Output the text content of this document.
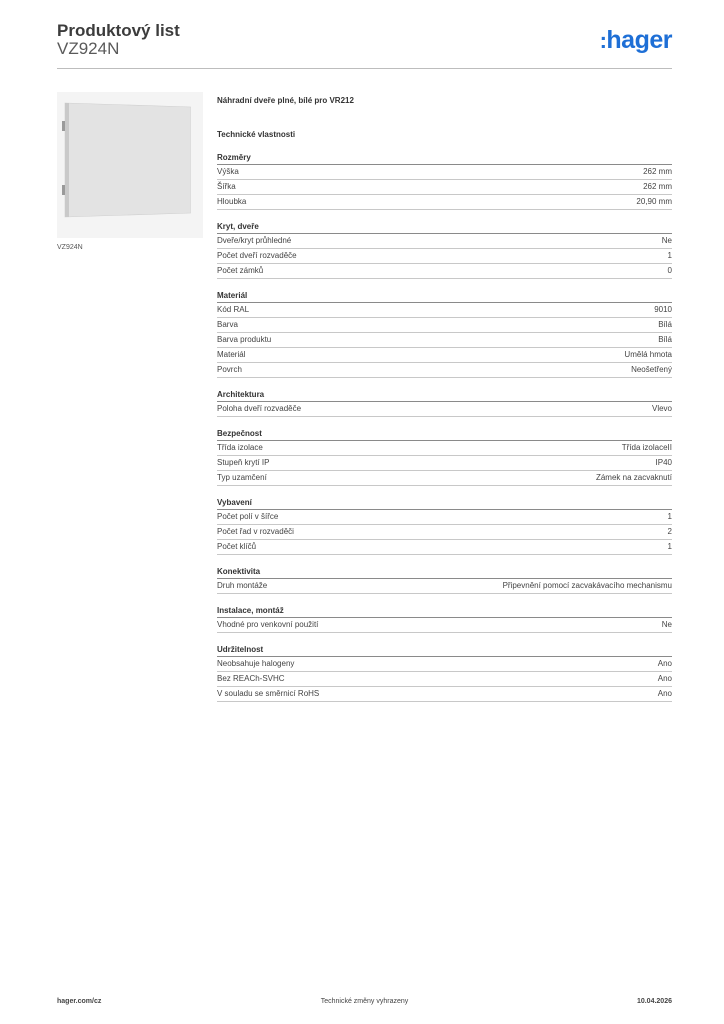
Produktový list
VZ924N	:hager
VZ924N
Náhradní dveře plné, bílé pro VR212
Technické vlastnosti
Rozměry
Výška	262 mm
Šířka	262 mm
Hloubka	20,90 mm
Kryt, dveře
Dveře/kryt průhledné	Ne
Počet dveří rozvaděče	1
Počet zámků	0
Materiál
Kód RAL	9010
Barva	Bílá
Barva produktu	Bílá
Materiál	Umělá hmota
Povrch	Neošetřený
Architektura
Poloha dveří rozvaděče	Vlevo
Bezpečnost
Třída izolace	Třída izolaceII
Stupeň krytí IP	IP40
Typ uzamčení	Zámek na zacvaknutí
Vybavení
Počet polí v šířce	1
Počet řad v rozvaděči	2
Počet klíčů	1
Konektivita
Druh montáže	Připevnění pomocí zacvakávacího mechanismu
Instalace, montáž
Vhodné pro venkovní použití	Ne
Udržitelnost
Neobsahuje halogeny	Ano
Bez REACh-SVHC	Ano
V souladu se směrnicí RoHS	Ano
hager.com/cz	Technické změny vyhrazeny	10.04.2026
